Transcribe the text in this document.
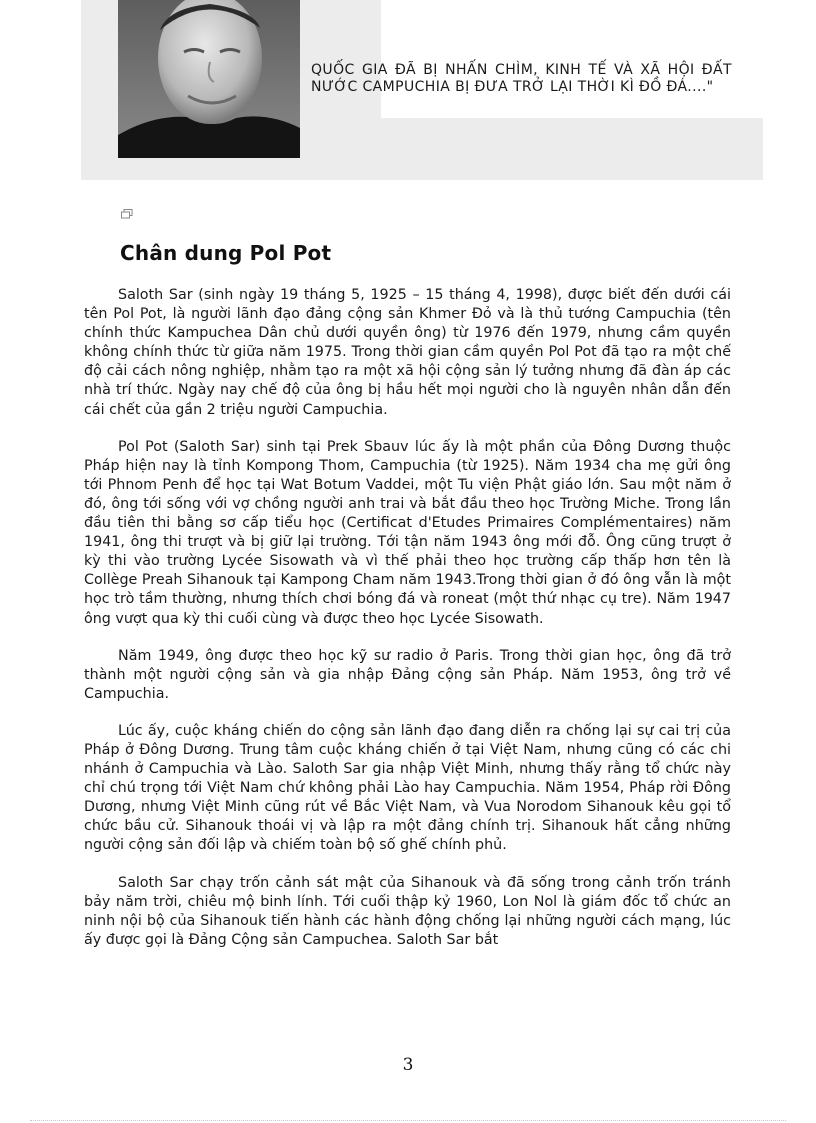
QUỐC GIA ĐÃ BỊ NHẤN CHÌM, KINH TẾ VÀ XÃ HỘI ĐẤT NƯỚC CAMPUCHIA BỊ ĐƯA TRỞ LẠI THỜI KÌ ĐỒ ĐÁ...."
Chân dung Pol Pot

Saloth Sar (sinh ngày 19 tháng 5, 1925 – 15 tháng 4, 1998), được biết đến dưới cái tên Pol Pot, là người lãnh đạo đảng cộng sản Khmer Đỏ và là thủ tướng Campuchia (tên chính thức Kampuchea Dân chủ dưới quyền ông) từ 1976 đến 1979, nhưng cầm quyền không chính thức từ giữa năm 1975. Trong thời gian cầm quyền Pol Pot đã tạo ra một chế độ cải cách nông nghiệp, nhằm tạo ra một xã hội cộng sản lý tưởng nhưng đã đàn áp các nhà trí thức. Ngày nay chế độ của ông bị hầu hết mọi người cho là nguyên nhân dẫn đến cái chết của gần 2 triệu người Campuchia.

Pol Pot (Saloth Sar) sinh tại Prek Sbauv lúc ấy là một phần của Đông Dương thuộc Pháp hiện nay là tỉnh Kompong Thom, Campuchia (từ 1925). Năm 1934 cha mẹ gửi ông tới Phnom Penh để học tại Wat Botum Vaddei, một Tu viện Phật giáo lớn. Sau một năm ở đó, ông tới sống với vợ chồng người anh trai và bắt đầu theo học Trường Miche. Trong lần đầu tiên thi bằng sơ cấp tiểu học (Certificat d'Etudes Primaires Complémentaires) năm 1941, ông thi trượt và bị giữ lại trường. Tới tận năm 1943 ông mới đỗ. Ông cũng trượt ở kỳ thi vào trường Lycée Sisowath và vì thế phải theo học trường cấp thấp hơn tên là Collège Preah Sihanouk tại Kampong Cham năm 1943.Trong thời gian ở đó ông vẫn là một học trò tầm thường, nhưng thích chơi bóng đá và roneat (một thứ nhạc cụ tre). Năm 1947 ông vượt qua kỳ thi cuối cùng và được theo học Lycée Sisowath.

Năm 1949, ông được theo học kỹ sư radio ở Paris. Trong thời gian học, ông đã trở thành một người cộng sản và gia nhập Đảng cộng sản Pháp. Năm 1953, ông trở về Campuchia.

Lúc ấy, cuộc kháng chiến do cộng sản lãnh đạo đang diễn ra chống lại sự cai trị của Pháp ở Đông Dương. Trung tâm cuộc kháng chiến ở tại Việt Nam, nhưng cũng có các chi nhánh ở Campuchia và Lào. Saloth Sar gia nhập Việt Minh, nhưng thấy rằng tổ chức này chỉ chú trọng tới Việt Nam chứ không phải Lào hay Campuchia. Năm 1954, Pháp rời Đông Dương, nhưng Việt Minh cũng rút về Bắc Việt Nam, và Vua Norodom Sihanouk kêu gọi tổ chức bầu cử. Sihanouk thoái vị và lập ra một đảng chính trị. Sihanouk hất cẳng những người cộng sản đối lập và chiếm toàn bộ số ghế chính phủ.

Saloth Sar chạy trốn cảnh sát mật của Sihanouk và đã sống trong cảnh trốn tránh bảy năm trời, chiêu mộ binh lính. Tới cuối thập kỷ 1960, Lon Nol là giám đốc tổ chức an ninh nội bộ của Sihanouk tiến hành các hành động chống lại những người cách mạng, lúc ấy được gọi là Đảng Cộng sản Campuchea. Saloth Sar bắt

3
